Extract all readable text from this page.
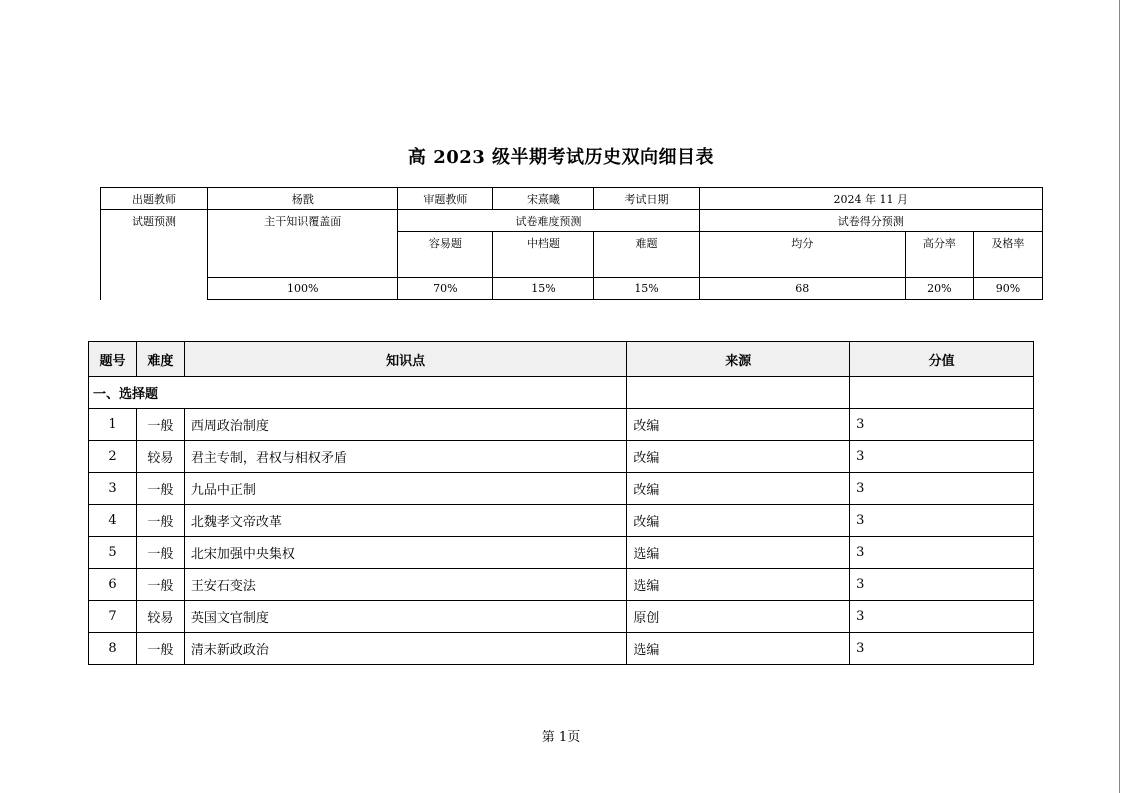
高 2023 级半期考试历史双向细目表
出题教师	杨戬	审题教师	宋熹曦	考试日期	2024 年 11 月		
试题预测	主干知识覆盖面	试卷难度预测			试卷得分预测		
		容易题	中档题	难题	均分	高分率	及格率
	100%	70%	15%	15%	68	20%	90%
题号	难度	知识点	来源	分值
一、选择题				
1	一般	西周政治制度	改编	3
2	较易	君主专制，君权与相权矛盾	改编	3
3	一般	九品中正制	改编	3
4	一般	北魏孝文帝改革	改编	3
5	一般	北宋加强中央集权	选编	3
6	一般	王安石变法	选编	3
7	较易	英国文官制度	原创	3
8	一般	清末新政政治	选编	3
第 1页
